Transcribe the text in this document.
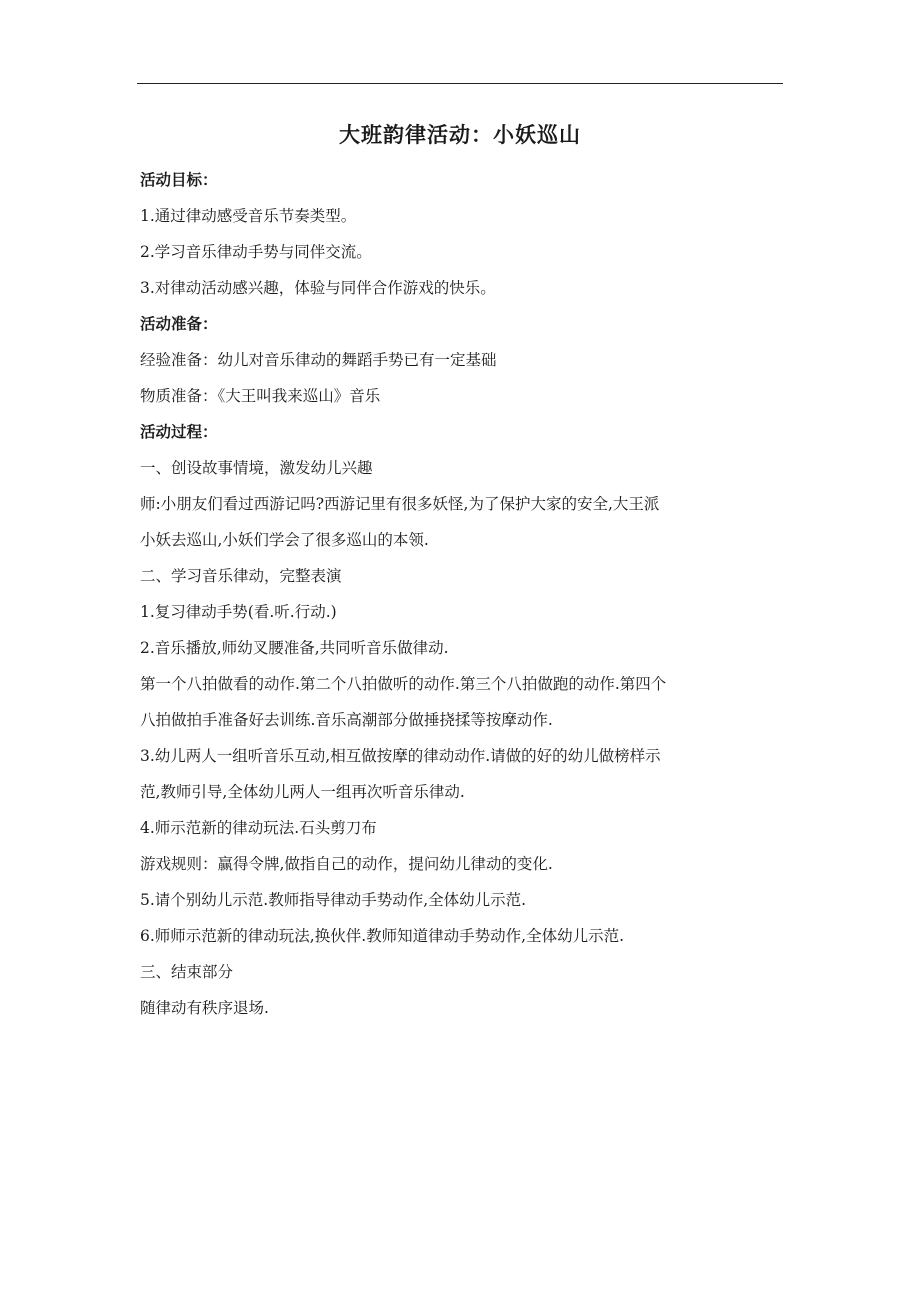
大班韵律活动：小妖巡山
活动目标：
1.通过律动感受音乐节奏类型。
2.学习音乐律动手势与同伴交流。
3.对律动活动感兴趣，体验与同伴合作游戏的快乐。
活动准备：
经验准备：幼儿对音乐律动的舞蹈手势已有一定基础
物质准备：《大王叫我来巡山》音乐
活动过程：
一、创设故事情境，激发幼儿兴趣
师:小朋友们看过西游记吗?西游记里有很多妖怪,为了保护大家的安全,大王派
小妖去巡山,小妖们学会了很多巡山的本领.
二、学习音乐律动，完整表演
1.复习律动手势(看.听.行动.)
2.音乐播放,师幼叉腰准备,共同听音乐做律动.
第一个八拍做看的动作.第二个八拍做听的动作.第三个八拍做跑的动作.第四个
八拍做拍手准备好去训练.音乐高潮部分做捶挠揉等按摩动作.
3.幼儿两人一组听音乐互动,相互做按摩的律动动作.请做的好的幼儿做榜样示
范,教师引导,全体幼儿两人一组再次听音乐律动.
4.师示范新的律动玩法.石头剪刀布
游戏规则：赢得令牌,做指自己的动作，提问幼儿律动的变化.
5.请个别幼儿示范.教师指导律动手势动作,全体幼儿示范.
6.师师示范新的律动玩法,换伙伴.教师知道律动手势动作,全体幼儿示范.
三、结束部分
随律动有秩序退场.
